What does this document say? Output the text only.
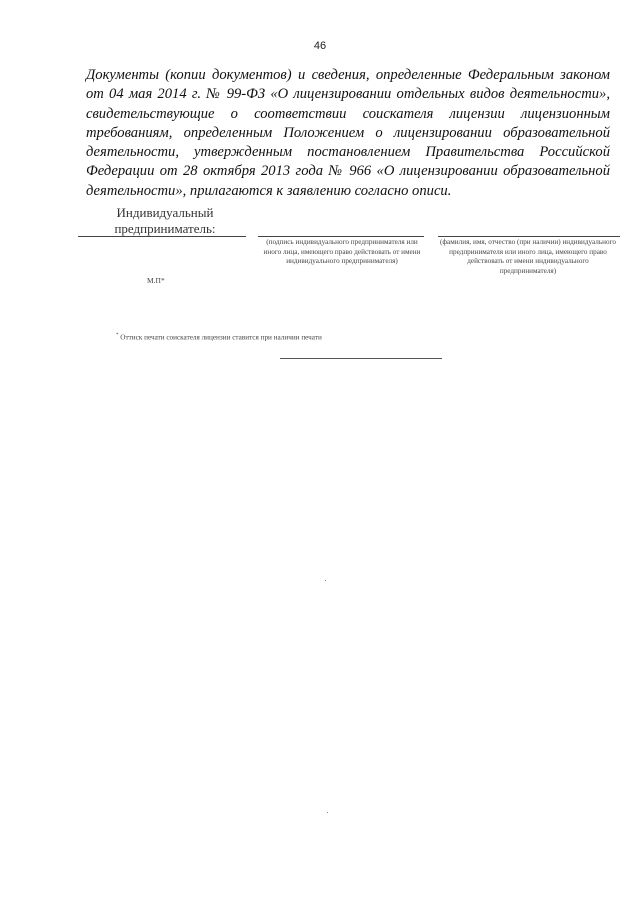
46
Документы (копии документов) и сведения, определенные Федеральным законом от 04 мая 2014 г. № 99-ФЗ «О лицензировании отдельных видов деятельности», свидетельствующие о соответствии соискателя лицензии лицензионным требованиям, определенным Положением о лицензировании образовательной деятельности, утвержденным постановлением Правительства Российской Федерации от 28 октября 2013 года № 966 «О лицензировании образовательной деятельности», прилагаются к заявлению согласно описи.
Индивидуальный предприниматель:
(подпись индивидуального предпринимателя или иного лица, имеющего право действовать от имени индивидуального предпринимателя)
(фамилия, имя, отчество (при наличии) индивидуального предпринимателя или иного лица, имеющего право действовать от имени индивидуального предпринимателя)
М.П*
* Оттиск печати соискателя лицензии ставится при наличии печати
